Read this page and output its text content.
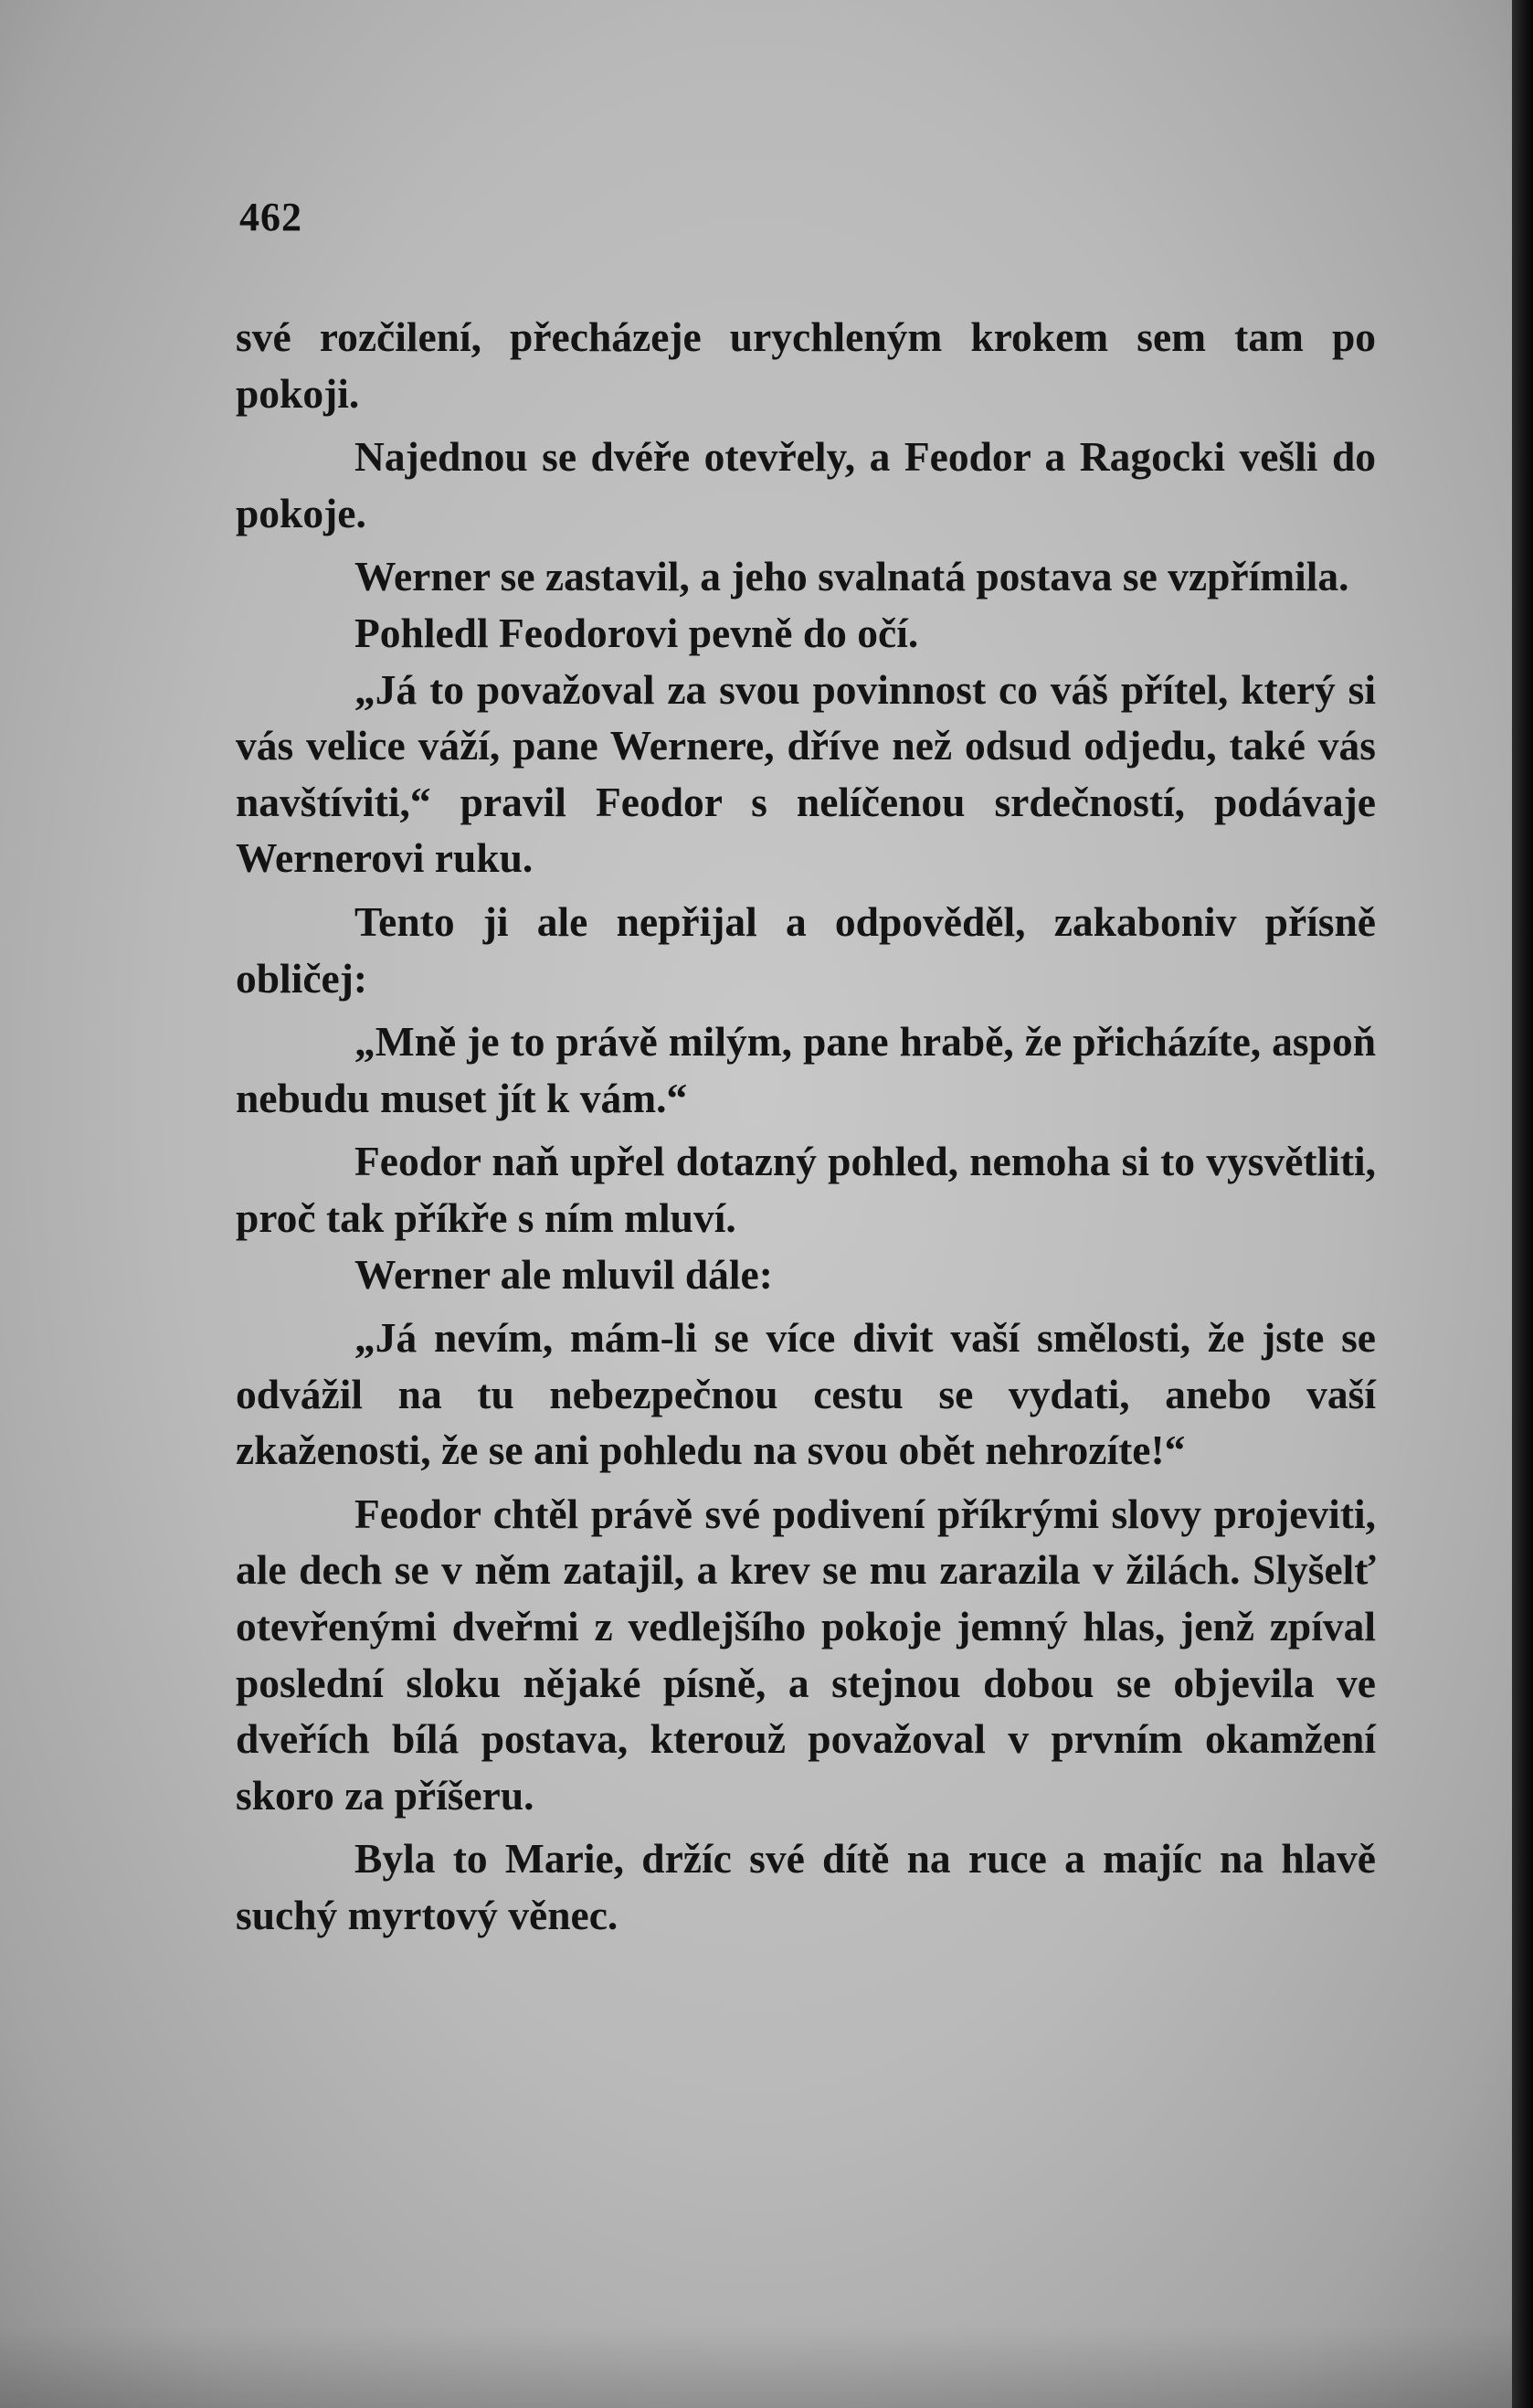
462

své rozčilení, přecházeje urychleným krokem sem tam po pokoji.

Najednou se dvéře otevřely, a Feodor a Ragocki vešli do pokoje.

Werner se zastavil, a jeho svalnatá postava se vzpřímila.

Pohledl Feodorovi pevně do očí.

„Já to považoval za svou povinnost co váš přítel, který si vás velice váží, pane Wernere, dříve než odsud odjedu, také vás navštíviti,“ pravil Feodor s nelíčenou srdečností, podávaje Wernerovi ruku.

Tento ji ale nepřijal a odpověděl, zakaboniv přísně obličej:

„Mně je to právě milým, pane hrabě, že přicházíte, aspoň nebudu muset jít k vám.“

Feodor naň upřel dotazný pohled, nemoha si to vysvětliti, proč tak příkře s ním mluví.

Werner ale mluvil dále:

„Já nevím, mám-li se více divit vaší smělosti, že jste se odvážil na tu nebezpečnou cestu se vydati, anebo vaší zkaženosti, že se ani pohledu na svou obět nehrozíte!“

Feodor chtěl právě své podivení příkrými slovy projeviti, ale dech se v něm zatajil, a krev se mu zarazila v žilách. Slyšelť otevřenými dveřmi z vedlejšího pokoje jemný hlas, jenž zpíval poslední sloku nějaké písně, a stejnou dobou se objevila ve dveřích bílá postava, kterouž považoval v prvním okamžení skoro za příšeru.

Byla to Marie, držíc své dítě na ruce a majíc na hlavě suchý myrtový věnec.
